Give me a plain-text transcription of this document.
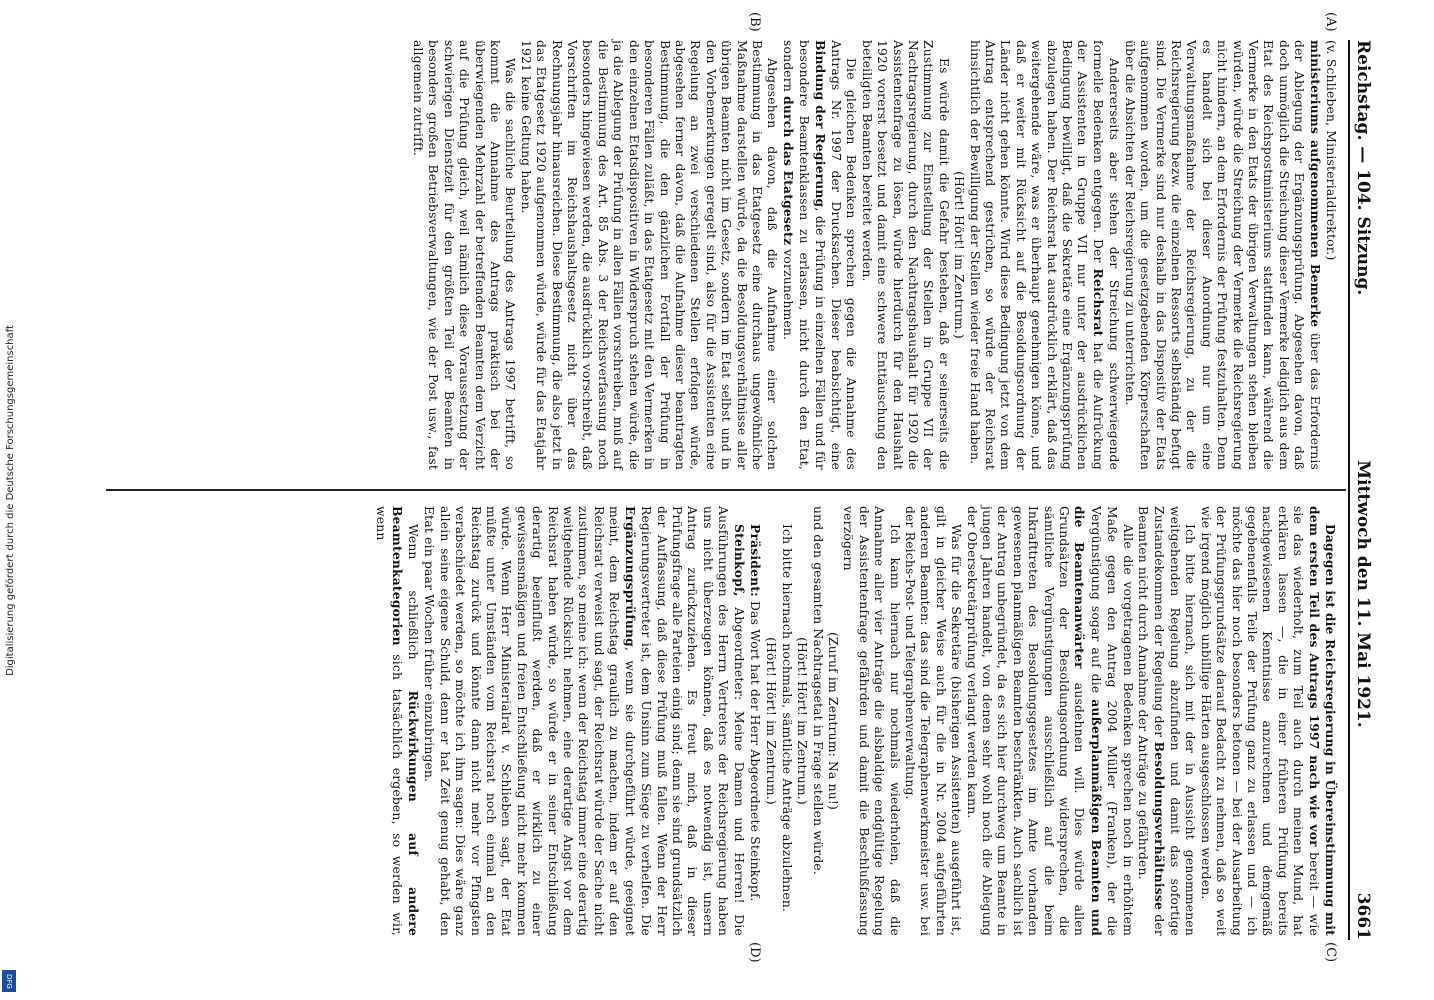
Digitalisierung gefördert durch die Deutsche Forschungsgemeinschaft
DFG
Reichstag. — 104. Sitzung.
Mittwoch den 11. Mai 1921.
3661
(A)
(B)
(C)
(D)

(v. Schlieben, Ministerialdirektor.)

ministeriums aufgenommenen Bemerke über das Erfordernis der Ablegung der Ergänzungsprüfung. Abgesehen davon, daß doch unmöglich die Streichung dieser Vermerke lediglich aus dem Etat des Reichspostministeriums stattfinden kann, während die Vermerke in den Etats der übrigen Verwaltungen stehen bleiben würden, würde die Streichung der Vermerke die Reichsregierung nicht hindern, an dem Erfordernis der Prüfung festzuhalten. Denn es handelt sich bei dieser Anordnung nur um eine Verwaltungsmaßnahme der Reichsregierung, zu der die Reichsregierung bezw. die einzelnen Ressorts selbständig befugt sind. Die Vermerke sind nur deshalb in das Dispositiv der Etats aufgenommen worden, um die gesetzgebenden Körperschaften über die Absichten der Reichsregierung zu unterrichten.

Andererseits aber stehen der Streichung schwerwiegende formelle Bedenken entgegen. Der Reichsrat hat die Aufrückung der Assistenten in Gruppe VII nur unter der ausdrücklichen Bedingung bewilligt, daß die Sekretäre eine Ergänzungsprüfung abzulegen haben. Der Reichsrat hat ausdrücklich erklärt, daß das weitergehende wäre, was er überhaupt genehmigen könne, und daß er weiter mit Rücksicht auf die Besoldungsordnung der Länder nicht gehen könnte. Wird diese Bedingung jetzt von dem Antrag entsprechend gestrichen, so würde der Reichsrat hinsichtlich der Bewilligung der Stellen wieder freie Hand haben.

(Hört! Hört! im Zentrum.)

Es würde damit die Gefahr bestehen, daß er seinerseits die Zustimmung zur Einstellung der Stellen in Gruppe VII der Nachtragsregierung, durch den Nachtragshaushalt für 1920 die Assistentenfrage zu lösen, würde hierdurch für den Haushalt 1920 vorerst besetzt und damit eine schwere Enttäuschung den beteiligten Beamten bereitet werden.

Die gleichen Bedenken sprechen gegen die Annahme des Antrags Nr. 1997 der Drucksachen. Dieser beabsichtigt, eine Bindung der Regierung, die Prüfung in einzelnen Fällen und für besondere Beamtenklassen zu erlassen, nicht durch den Etat, sondern durch das Etatgesetz vorzunehmen.

Abgesehen davon, daß die Aufnahme einer solchen Bestimmung in das Etatgesetz eine durchaus ungewöhnliche Maßnahme darstellen würde, da die Besoldungsverhältnisse aller übrigen Beamten nicht im Gesetz, sondern im Etat selbst und in den Vorbemerkungen geregelt sind, also für die Assistenten eine Regelung an zwei verschiedenen Stellen erfolgen würde, abgesehen ferner davon, daß die Aufnahme dieser beantragten Bestimmung, die den gänzlichen Fortfall der Prüfung in besonderen Fällen zuläßt, in das Etatgesetz mit den Vermerken in den einzelnen Etatsdispositiven in Widerspruch stehen würde, die ja die Ablegung der Prüfung in allen Fällen vorschreiben, muß auf die Bestimmung des Art. 85 Abs. 3 der Reichsverfassung noch besonders hingewiesen werden, die ausdrücklich vorschreibt, daß Vorschriften im Reichshaushaltsgesetz nicht über das Rechnungsjahr hinausreichen. Diese Bestimmung, die also jetzt in das Etatgesetz 1920 aufgenommen würde, würde für das Etatjahr 1921 keine Geltung haben.

Was die sachliche Beurteilung des Antrags 1997 betrifft, so kommt die Annahme des Antrags praktisch bei der überwiegenden Mehrzahl der betreffenden Beamten dem Verzicht auf die Prüfung gleich, weil nämlich diese Voraussetzung der schwierigen Dienstzeit für den größten Teil der Beamten in besonders großen Betriebsverwaltungen, wie der Post usw., fast allgemein zutrifft.

Dagegen ist die Reichsregierung in Übereinstimmung mit dem ersten Teil des Antrags 1997 nach wie vor bereit — wie sie das wiederholt, zum Teil auch durch meinen Mund, hat erklären lassen —, die in einer früheren Prüfung bereits nachgewiesenen Kenntnisse anzurechnen und demgemäß gegebenenfalls Teile der Prüfung ganz zu erlassen und — ich möchte das hier noch besonders betonen — bei der Ausarbeitung der Prüfungsgrundsätze darauf Bedacht zu nehmen, daß so weit wie irgend möglich unbillige Härten ausgeschlossen werden.

Ich bitte hiernach, sich mit der in Aussicht genommenen weitgehenden Regelung abzufinden und damit das sofortige Zustandekommen der Regelung der Besoldungsverhältnisse der Beamten nicht durch Annahme der Anträge zu gefährden.

Alle die vorgetragenen Bedenken sprechen noch in erhöhtem Maße gegen den Antrag 2004 Müller (Franken), der die Vergünstigung sogar auf die außerplanmäßigen Beamten und die Beamtenanwärter ausdehnen will. Dies würde allen Grundsätzen der Besoldungsordnung widersprechen, die sämtliche Vergünstigungen ausschließlich auf die beim Inkrafttreten des Besoldungsgesetzes im Amte vorhanden gewesenen planmäßigen Beamten beschränkten. Auch sachlich ist der Antrag unbegründet, da es sich hier durchweg um Beamte in jungen Jahren handelt, von denen sehr wohl noch die Ablegung der Obersekretärprüfung verlangt werden kann.

Was für die Sekretäre (bisherigen Assistenten) ausgeführt ist, gilt in gleicher Weise auch für die in Nr. 2004 aufgeführten anderen Beamten: das sind die Telegraphenwerkmeister usw. bei der Reichs-Post- und Telegraphenverwaltung.

Ich kann hiernach nur nochmals wiederholen, daß die Annahme aller vier Anträge die alsbaldige endgültige Regelung der Assistentenfrage gefährden und damit die Beschlußfassung verzögern

(Zuruf im Zentrum: Na nu!)

und den gesamten Nachtragsetat in Frage stellen würde.

(Hört! Hört! im Zentrum.)

Ich bitte hiernach nochmals, sämtliche Anträge abzulehnen.

(Hört! Hört! im Zentrum.)

Präsident: Das Wort hat der Herr Abgeordnete Steinkopf.

Steinkopf, Abgeordneter: Meine Damen und Herren! Die Ausführungen des Herrn Vertreters der Reichsregierung haben uns nicht überzeugen können, daß es notwendig ist, unsern Antrag zurückzuziehen. Es freut mich, daß in dieser Prüfungsfrage alle Parteien einig sind; denn sie sind grundsätzlich der Auffassung, daß diese Prüfung muß fallen. Wenn der Herr Regierungsvertreter ist, dem Unsinn zum Siege zu verhelfen. Die Ergänzungsprüfung, wenn sie durchgeführt würde, geeignet meint, dem Reichstag graulich zu machen, indem er auf den Reichsrat verweist und sagt, der Reichsrat würde der Sache nicht zustimmen, so meine ich: wenn der Reichstag immer eine derartig weitgehende Rücksicht nehmen, eine derartige Angst vor dem Reichsrat haben würde, so würde er in seiner Entschließung derartig beeinflußt werden, daß er wirklich zu einer gewissensmäßigen und freien Entschließung nicht mehr kommen würde. Wenn Herr Ministerialrat v. Schlieben sagt, der Etat müßte unter Umständen vom Reichsrat noch einmal an den Reichstag zurück und könnte dann nicht mehr vor Pfingsten verabschiedet werden, so möchte ich ihm sagen: Dies wäre ganz allein seine eigene Schuld, denn er hat Zeit genug gehabt, den Etat ein paar Wochen früher einzubringen.

Wenn schließlich Rückwirkungen auf andere Beamtenkategorien sich tatsächlich ergeben, so werden wir, wenn
